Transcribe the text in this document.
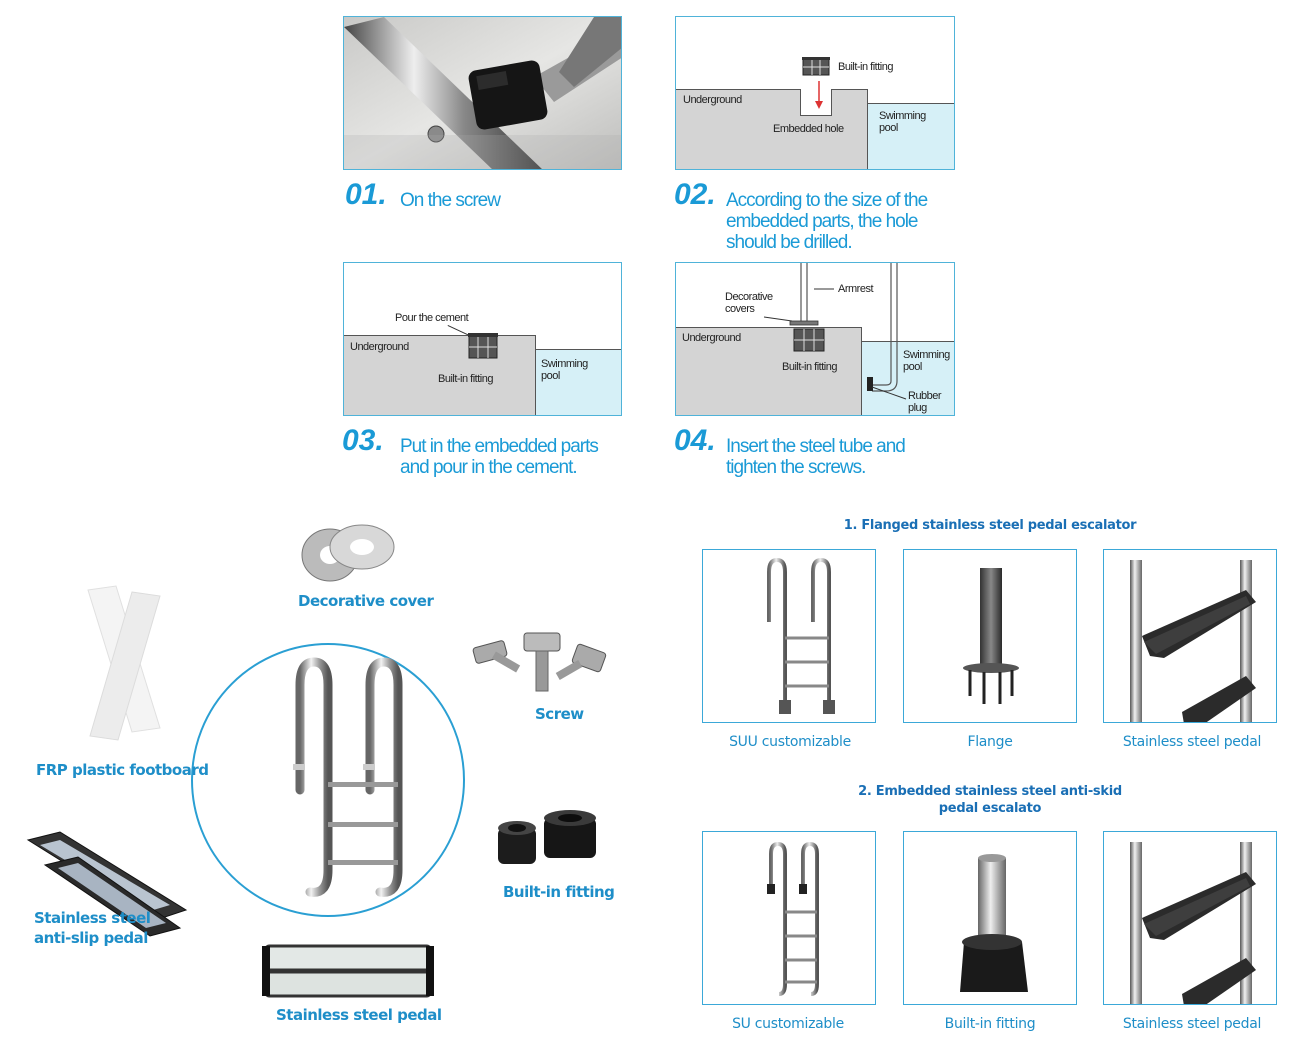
01. On the screw
Built-in fitting
Underground
Embedded hole
Swimming pool
02. According to the size of the embedded parts, the hole should be drilled.
Pour the cement
Underground
Built-in fitting
Swimming pool
03. Put in the embedded parts and pour in the cement.
Decorative covers
Armrest
Underground
Built-in fitting
Swimming pool
Rubber plug
04. Insert the steel tube and tighten the screws.
Decorative cover
Screw
FRP plastic footboard
Built-in fitting
Stainless steel anti-slip pedal
Stainless steel pedal
1. Flanged stainless steel pedal escalator
SUU customizable	Flange	Stainless steel pedal
2. Embedded stainless steel anti-skid pedal escalato
SU customizable	Built-in fitting	Stainless steel pedal
